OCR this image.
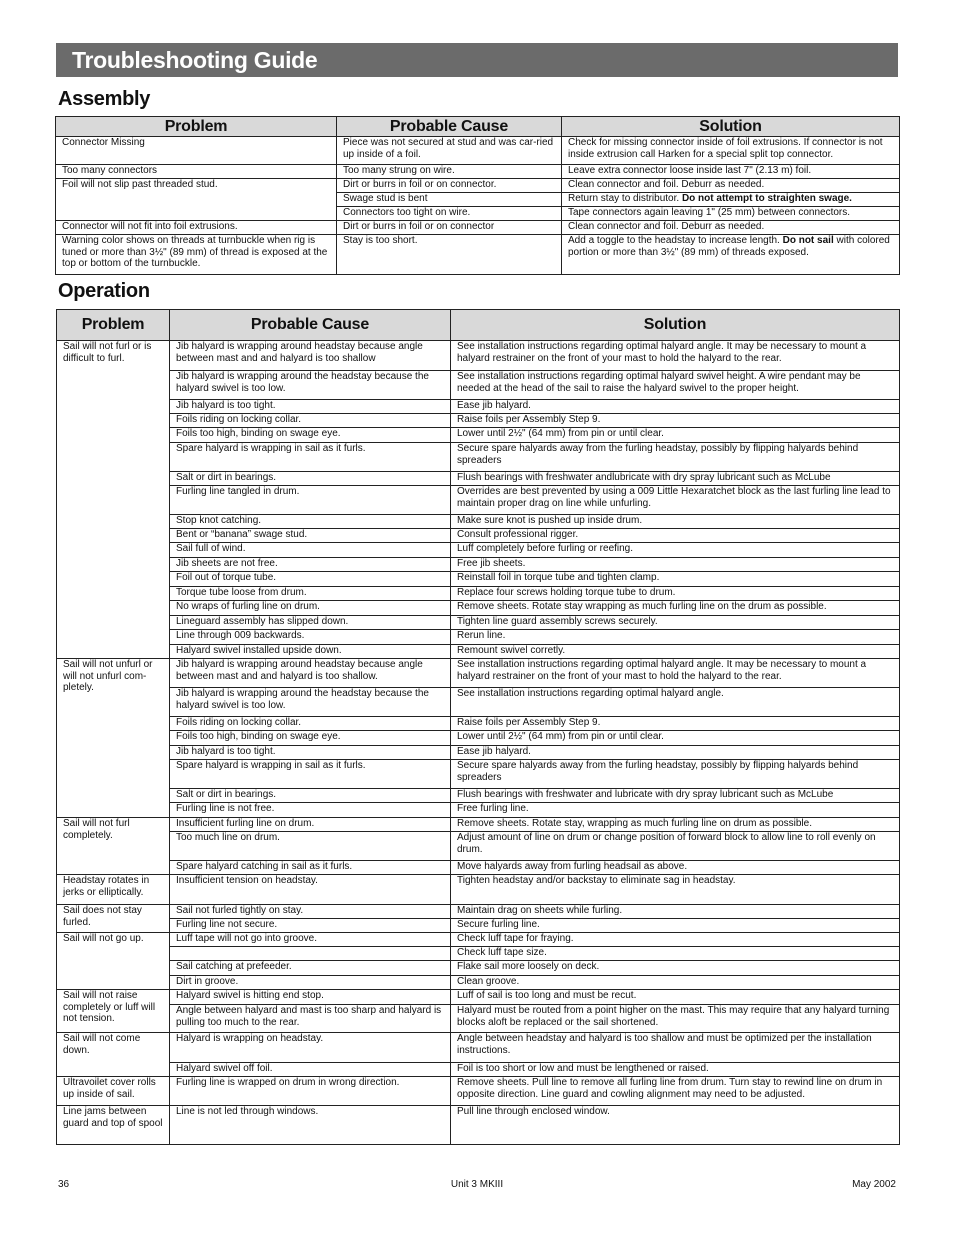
Troubleshooting Guide
Assembly
Problem	Probable Cause	Solution
Connector Missing	Piece was not secured at stud and was car-ried up inside of a foil.	Check for missing connector inside of foil extrusions. If connector is not inside extrusion call Harken for a special split top connector.
Too many connectors	Too many strung on wire.	Leave extra connector loose inside last 7" (2.13 m) foil.
Foil will not slip past threaded stud.	Dirt or burrs in foil or on connector.	Clean connector and foil. Deburr as needed.
	Swage stud is bent	Return stay to distributor. Do not attempt to straighten swage.
	Connectors too tight on wire.	Tape connectors again leaving 1" (25 mm) between connectors.
Connector will not fit into foil extrusions.	Dirt or burrs in foil or on connector	Clean connector and foil. Deburr as needed.
Warning color shows on threads at turnbuckle when rig is tuned or more than 3½" (89 mm) of thread is exposed at the top or bottom of the turnbuckle.	Stay is too short.	Add a toggle to the headstay to increase length. Do not sail with colored portion or more than 3½" (89 mm) of threads exposed.
Operation
Problem	Probable Cause	Solution
Sail will not furl or is difficult to furl.	Jib halyard is wrapping around headstay because angle between mast and and halyard is too shallow	See installation instructions regarding optimal halyard angle. It may be necessary to mount a halyard restrainer on the front of your mast to hold the halyard to the rear.
	Jib halyard is wrapping around the headstay because the halyard swivel is too low.	See installation instructions regarding optimal halyard swivel height. A wire pendant may be needed at the head of the sail to raise the halyard swivel to the proper height.
	Jib halyard is too tight.	Ease jib halyard.
	Foils riding on locking collar.	Raise foils per Assembly Step 9.
	Foils too high, binding on swage eye.	Lower until 2½" (64 mm) from pin or until clear.
	Spare halyard is wrapping in sail as it furls.	Secure spare halyards away from the furling headstay, possibly by flipping halyards behind spreaders
	Salt or dirt in bearings.	Flush bearings with freshwater andlubricate with dry spray lubricant such as McLube
	Furling line tangled in drum.	Overrides are best prevented by using a 009 Little Hexaratchet block as the last furling line lead to maintain proper drag on line while unfurling.
	Stop knot catching.	Make sure knot is pushed up inside drum.
	Bent or “banana” swage stud.	Consult professional rigger.
	Sail full of wind.	Luff completely before furling or reefing.
	Jib sheets are not free.	Free jib sheets.
	Foil out of torque tube.	Reinstall foil in torque tube and tighten clamp.
	Torque tube loose from drum.	Replace four screws holding torque tube to drum.
	No wraps of furling line on drum.	Remove sheets. Rotate stay wrapping as much furling line on the drum as possible.
	Lineguard assembly has slipped down.	Tighten line guard assembly screws securely.
	Line through 009 backwards.	Rerun line.
	Halyard swivel installed upside down.	Remount swivel corretly.
Sail will not unfurl or will not unfurl com-pletely.	Jib halyard is wrapping around headstay because angle between mast and and halyard is too shallow.	See installation instructions regarding optimal halyard angle. It may be necessary to mount a halyard restrainer on the front of your mast to hold the halyard to the rear.
	Jib halyard is wrapping around the headstay because the halyard swivel is too low.	See installation instructions regarding optimal halyard angle.
	Foils riding on locking collar.	Raise foils per Assembly Step 9.
	Foils too high, binding on swage eye.	Lower until 2½" (64 mm) from pin or until clear.
	Jib halyard is too tight.	Ease jib halyard.
	Spare halyard is wrapping in sail as it furls.	Secure spare halyards away from the furling headstay, possibly by flipping halyards behind spreaders
	Salt or dirt in bearings.	Flush bearings with freshwater and lubricate with dry spray lubricant such as McLube
	Furling line is not free.	Free furling line.
Sail will not furl completely.	Insufficient furling line on drum.	Remove sheets. Rotate stay, wrapping as much furling line on drum as possible.
	Too much line on drum.	Adjust amount of line on drum or change position of forward block to allow line to roll evenly on drum.
	Spare halyard catching in sail as it furls.	Move halyards away from furling headsail as above.
Headstay rotates in jerks or elliptically.	Insufficient tension on headstay.	Tighten headstay and/or backstay to eliminate sag in headstay.
Sail does not stay furled.	Sail not furled tightly on stay.	Maintain drag on sheets while furling.
	Furling line not secure.	Secure furling line.
Sail will not go up.	Luff tape will not go into groove.	Check luff tape for fraying.
		Check luff tape size.
	Sail catching at prefeeder.	Flake sail more loosely on deck.
	Dirt in groove.	Clean groove.
Sail will not raise completely or luff will not tension.	Halyard swivel is hitting end stop.	Luff of sail is too long and must be recut.
	Angle between halyard and mast is too sharp and halyard is pulling too much to the rear.	Halyard must be routed from a point higher on the mast. This may require that any halyard turning blocks aloft be replaced or the sail shortened.
Sail will not come down.	Halyard is wrapping on headstay.	Angle between headstay and halyard is too shallow and must be optimized per the installation instructions.
	Halyard swivel off foil.	Foil is too short or low and must be lengthened or raised.
Ultravoilet cover rolls up inside of sail.	Furling line is wrapped on drum in wrong direction.	Remove sheets. Pull line to remove all furling line from drum. Turn stay to rewind line on drum in opposite direction. Line guard and cowling alignment may need to be adjusted.
Line jams between guard and top of spool	Line is not led through windows.	Pull line through enclosed window.
36	Unit 3 MKIII	May 2002
